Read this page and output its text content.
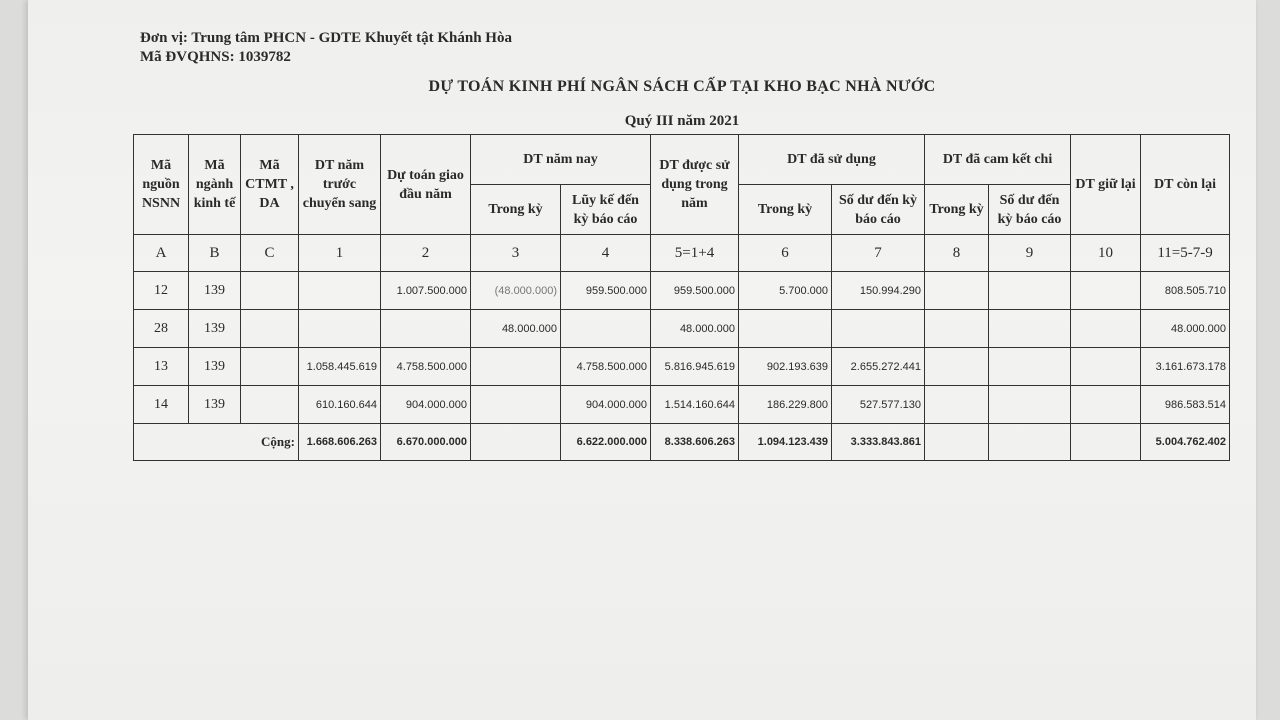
Đơn vị: Trung tâm PHCN - GDTE Khuyết tật Khánh Hòa
Mã ĐVQHNS: 1039782
DỰ TOÁN KINH PHÍ NGÂN SÁCH CẤP TẠI KHO BẠC NHÀ NƯỚC
Quý III năm 2021
Mã nguồn NSNN	Mã ngành kinh tế	Mã CTMT , DA	DT năm trước chuyển sang	Dự toán giao đầu năm	DT năm nay		DT được sử dụng trong năm	DT đã sử dụng		DT đã cam kết chi		DT giữ lại	DT còn lại
					Trong kỳ	Lũy kế đến kỳ báo cáo		Trong kỳ	Số dư đến kỳ báo cáo	Trong kỳ	Số dư đến kỳ báo cáo		
A	B	C	1	2	3	4	5=1+4	6	7	8	9	10	11=5-7-9
12	139			1.007.500.000	(48.000.000)	959.500.000	959.500.000	5.700.000	150.994.290				808.505.710
28	139				48.000.000		48.000.000						48.000.000
13	139		1.058.445.619	4.758.500.000		4.758.500.000	5.816.945.619	902.193.639	2.655.272.441				3.161.673.178
14	139		610.160.644	904.000.000		904.000.000	1.514.160.644	186.229.800	527.577.130				986.583.514
Cộng:			1.668.606.263	6.670.000.000		6.622.000.000	8.338.606.263	1.094.123.439	3.333.843.861				5.004.762.402
